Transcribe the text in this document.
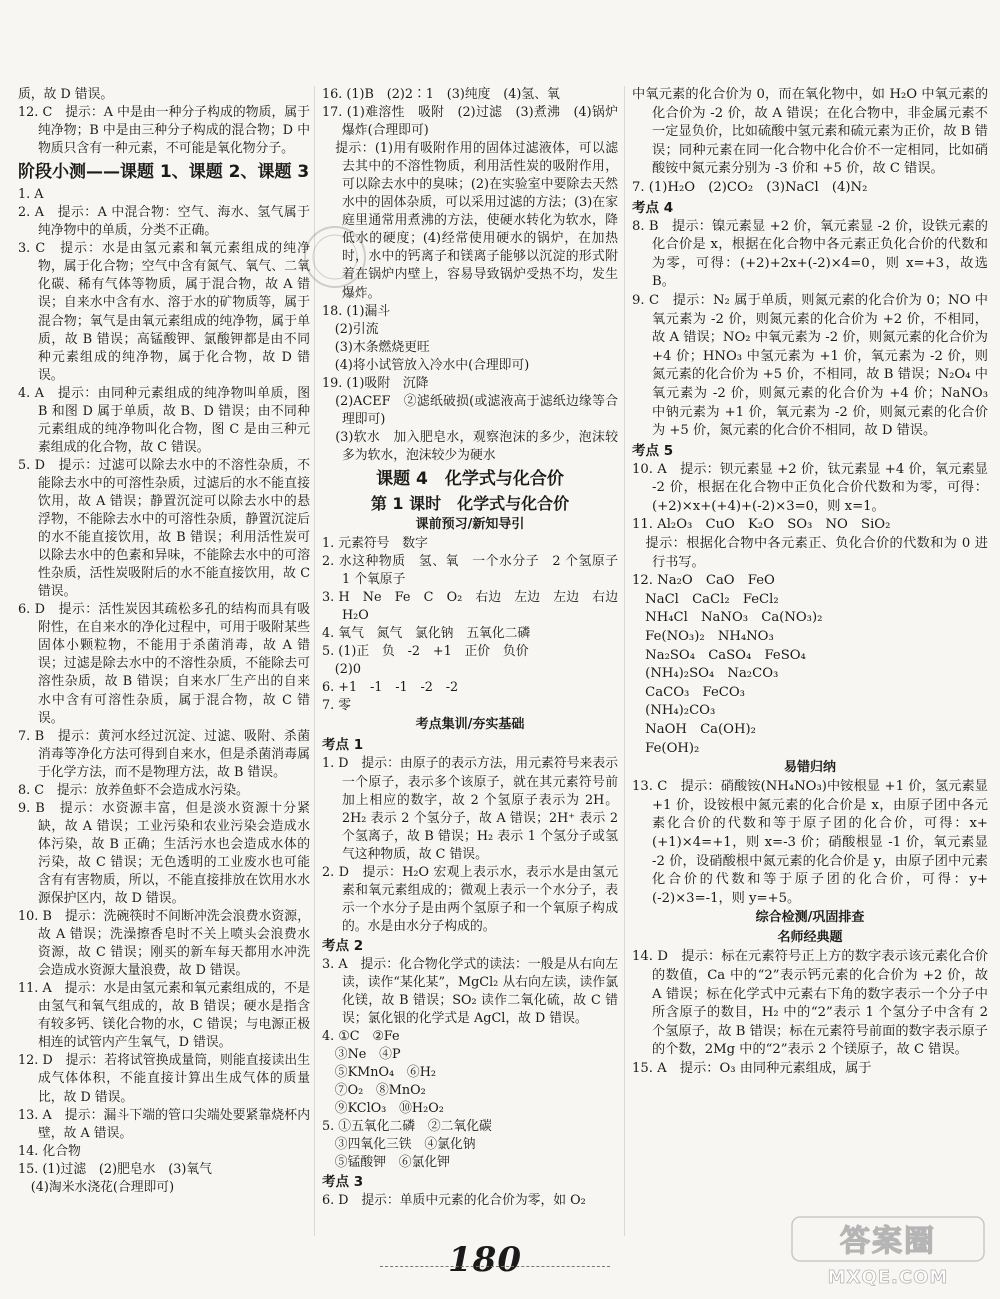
质，故 D 错误。
12. C　提示：A 中是由一种分子构成的物质，属于纯净物；B 中是由三种分子构成的混合物；D 中物质只含有一种元素，不可能是氧化物分子。
阶段小测——课题 1、课题 2、课题 3
1. A
2. A　提示：A 中混合物：空气、海水、氢气属于纯净物中的单质，分类不正确。
3. C　提示：水是由氢元素和氧元素组成的纯净物，属于化合物；空气中含有氮气、氧气、二氧化碳、稀有气体等物质，属于混合物，故 A 错误；自来水中含有水、溶于水的矿物质等，属于混合物；氧气是由氧元素组成的纯净物，属于单质，故 B 错误；高锰酸钾、氯酸钾都是由不同种元素组成的纯净物，属于化合物，故 D 错误。
4. A　提示：由同种元素组成的纯净物叫单质，图 B 和图 D 属于单质，故 B、D 错误；由不同种元素组成的纯净物叫化合物，图 C 是由三种元素组成的化合物，故 C 错误。
5. D　提示：过滤可以除去水中的不溶性杂质，不能除去水中的可溶性杂质，过滤后的水不能直接饮用，故 A 错误；静置沉淀可以除去水中的悬浮物，不能除去水中的可溶性杂质，静置沉淀后的水不能直接饮用，故 B 错误；利用活性炭可以除去水中的色素和异味，不能除去水中的可溶性杂质，活性炭吸附后的水不能直接饮用，故 C 错误。
6. D　提示：活性炭因其疏松多孔的结构而具有吸附性，在自来水的净化过程中，可用于吸附某些固体小颗粒物，不能用于杀菌消毒，故 A 错误；过滤是除去水中的不溶性杂质，不能除去可溶性杂质，故 B 错误；自来水厂生产出的自来水中含有可溶性杂质，属于混合物，故 C 错误。
7. B　提示：黄河水经过沉淀、过滤、吸附、杀菌消毒等净化方法可得到自来水，但是杀菌消毒属于化学方法，而不是物理方法，故 B 错误。
8. C　提示：放养鱼虾不会造成水污染。
9. B　提示：水资源丰富，但是淡水资源十分紧缺，故 A 错误；工业污染和农业污染会造成水体污染，故 B 正确；生活污水也会造成水体的污染，故 C 错误；无色透明的工业废水也可能含有有害物质，所以，不能直接排放在饮用水水源保护区内，故 D 错误。
10. B　提示：洗碗筷时不间断冲洗会浪费水资源，故 A 错误；洗澡擦香皂时不关上喷头会浪费水资源，故 C 错误；刚买的新车每天都用水冲洗会造成水资源大量浪费，故 D 错误。
11. A　提示：水是由氢元素和氧元素组成的，不是由氢气和氧气组成的，故 B 错误；硬水是指含有较多钙、镁化合物的水，C 错误；与电源正极相连的试管内产生氧气，D 错误。
12. D　提示：若将试管换成量筒，则能直接读出生成气体体积，不能直接计算出生成气体的质量比，故 D 错误。
13. A　提示：漏斗下端的管口尖端处要紧靠烧杯内壁，故 A 错误。
14. 化合物
15. (1)过滤　(2)肥皂水　(3)氧气
　(4)淘米水浇花(合理即可)
16. (1)B　(2)2∶1　(3)纯度　(4)氢、氧
17. (1)难溶性　吸附　(2)过滤　(3)煮沸　(4)锅炉爆炸(合理即可)
　提示：(1)用有吸附作用的固体过滤液体，可以滤去其中的不溶性物质，利用活性炭的吸附作用，可以除去水中的臭味；(2)在实验室中要除去天然水中的固体杂质，可以采用过滤的方法；(3)在家庭里通常用煮沸的方法，使硬水转化为软水，降低水的硬度；(4)经常使用硬水的锅炉，在加热时，水中的钙离子和镁离子能够以沉淀的形式附着在锅炉内壁上，容易导致锅炉受热不均，发生爆炸。
18. (1)漏斗
　(2)引流
　(3)木条燃烧更旺
　(4)将小试管放入冷水中(合理即可)
19. (1)吸附　沉降
　(2)ACEF　②滤纸破损(或滤液高于滤纸边缘等合理即可)
　(3)软水　加入肥皂水，观察泡沫的多少，泡沫较多为软水，泡沫较少为硬水
课题 4　化学式与化合价
第 1 课时　化学式与化合价
课前预习/新知导引
1. 元素符号　数字
2. 水这种物质　氢、氧　一个水分子　2 个氢原子　1 个氧原子
3. H　Ne　Fe　C　O₂　右边　左边　左边　右边　H₂O
4. 氧气　氮气　氯化钠　五氧化二磷
5. (1)正　负　-2　+1　正价　负价
　(2)0
6. +1　-1　-1　-2　-2
7. 零
考点集训/夯实基础
考点 1
1. D　提示：由原子的表示方法，用元素符号来表示一个原子，表示多个该原子，就在其元素符号前加上相应的数字，故 2 个氢原子表示为 2H。2H₂ 表示 2 个氢分子，故 A 错误；2H⁺ 表示 2 个氢离子，故 B 错误；H₂ 表示 1 个氢分子或氢气这种物质，故 C 错误。
2. D　提示：H₂O 宏观上表示水，表示水是由氢元素和氧元素组成的；微观上表示一个水分子，表示一个水分子是由两个氢原子和一个氧原子构成的。水是由水分子构成的。
考点 2
3. A　提示：化合物化学式的读法：一般是从右向左读，读作“某化某”，MgCl₂ 从右向左读，读作氯化镁，故 B 错误；SO₂ 读作二氧化硫，故 C 错误；氯化银的化学式是 AgCl，故 D 错误。
4. ①C　②Fe
　③Ne　④P
　⑤KMnO₄　⑥H₂
　⑦O₂　⑧MnO₂
　⑨KClO₃　⑩H₂O₂
5. ①五氧化二磷　②二氧化碳
　③四氧化三铁　④氯化钠
　⑤锰酸钾　⑥氯化钾
考点 3
6. D　提示：单质中元素的化合价为零，如 O₂
中氧元素的化合价为 0，而在氧化物中，如 H₂O 中氧元素的化合价为 -2 价，故 A 错误；在化合物中，非金属元素不一定显负价，比如硫酸中氢元素和硫元素为正价，故 B 错误；同种元素在同一化合物中化合价不一定相同，比如硝酸铵中氮元素分别为 -3 价和 +5 价，故 C 错误。
7. (1)H₂O　(2)CO₂　(3)NaCl　(4)N₂
考点 4
8. B　提示：镍元素显 +2 价，氧元素显 -2 价，设铁元素的化合价是 x，根据在化合物中各元素正负化合价的代数和为零，可得：(+2)+2x+(-2)×4=0，则 x=+3，故选 B。
9. C　提示：N₂ 属于单质，则氮元素的化合价为 0；NO 中氧元素为 -2 价，则氮元素的化合价为 +2 价，不相同，故 A 错误；NO₂ 中氧元素为 -2 价，则氮元素的化合价为 +4 价；HNO₃ 中氢元素为 +1 价，氧元素为 -2 价，则氮元素的化合价为 +5 价，不相同，故 B 错误；N₂O₄ 中氧元素为 -2 价，则氮元素的化合价为 +4 价；NaNO₃ 中钠元素为 +1 价，氧元素为 -2 价，则氮元素的化合价为 +5 价，氮元素的化合价不相同，故 D 错误。
考点 5
10. A　提示：钡元素显 +2 价，钛元素显 +4 价，氧元素显 -2 价，根据在化合物中正负化合价代数和为零，可得：(+2)×x+(+4)+(-2)×3=0，则 x=1。
11. Al₂O₃　CuO　K₂O　SO₃　NO　SiO₂
　提示：根据化合物中各元素正、负化合价的代数和为 0 进行书写。
12. Na₂O　CaO　FeO
　NaCl　CaCl₂　FeCl₂
　NH₄Cl　NaNO₃　Ca(NO₃)₂
　Fe(NO₃)₂　NH₄NO₃
　Na₂SO₄　CaSO₄　FeSO₄
　(NH₄)₂SO₄　Na₂CO₃
　CaCO₃　FeCO₃
　(NH₄)₂CO₃
　NaOH　Ca(OH)₂
　Fe(OH)₂
易错归纳
13. C　提示：硝酸铵(NH₄NO₃)中铵根显 +1 价，氢元素显 +1 价，设铵根中氮元素的化合价是 x，由原子团中各元素化合价的代数和等于原子团的化合价，可得：x+(+1)×4=+1，则 x=-3 价；硝酸根显 -1 价，氧元素显 -2 价，设硝酸根中氮元素的化合价是 y，由原子团中元素化合价的代数和等于原子团的化合价，可得：y+(-2)×3=-1，则 y=+5。
综合检测/巩固排查
名师经典题
14. D　提示：标在元素符号正上方的数字表示该元素化合价的数值，Ca 中的“2”表示钙元素的化合价为 +2 价，故 A 错误；标在化学式中元素右下角的数字表示一个分子中所含原子的数目，H₂ 中的“2”表示 1 个氢分子中含有 2 个氢原子，故 B 错误；标在元素符号前面的数字表示原子的个数，2Mg 中的“2”表示 2 个镁原子，故 C 错误。
15. A　提示：O₃ 由同种元素组成，属于
180	答案圈
MXQE.COM
